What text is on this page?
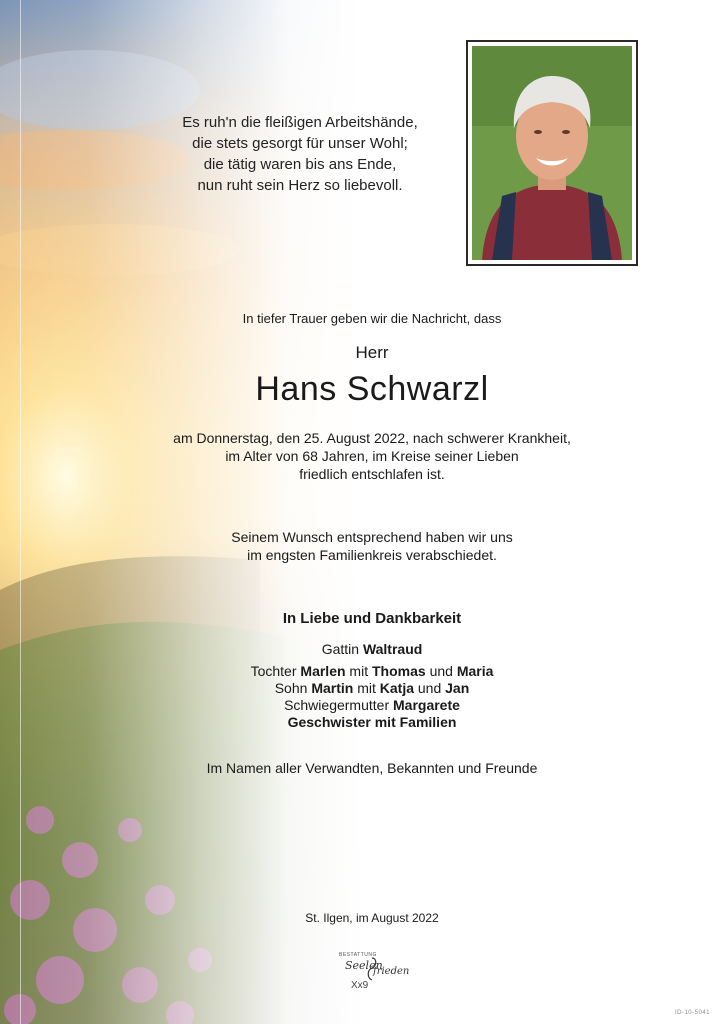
Es ruh'n die fleißigen Arbeitshände,
die stets gesorgt für unser Wohl;
die tätig waren bis ans Ende,
nun ruht sein Herz so liebevoll.
In tiefer Trauer geben wir die Nachricht, dass
Herr
Hans Schwarzl
am Donnerstag, den 25. August 2022, nach schwerer Krankheit,
im Alter von 68 Jahren, im Kreise seiner Lieben
friedlich entschlafen ist.
Seinem Wunsch entsprechend haben wir uns
im engsten Familienkreis verabschiedet.
In Liebe und Dankbarkeit
Gattin Waltraud
Tochter Marlen mit Thomas und Maria
Sohn Martin mit Katja und Jan
Schwiegermutter Margarete
Geschwister mit Familien
Im Namen aller Verwandten, Bekannten und Freunde
St. Ilgen, im August 2022
BESTATTUNG
Seelen
frieden
Xx9
ID-10-5041
